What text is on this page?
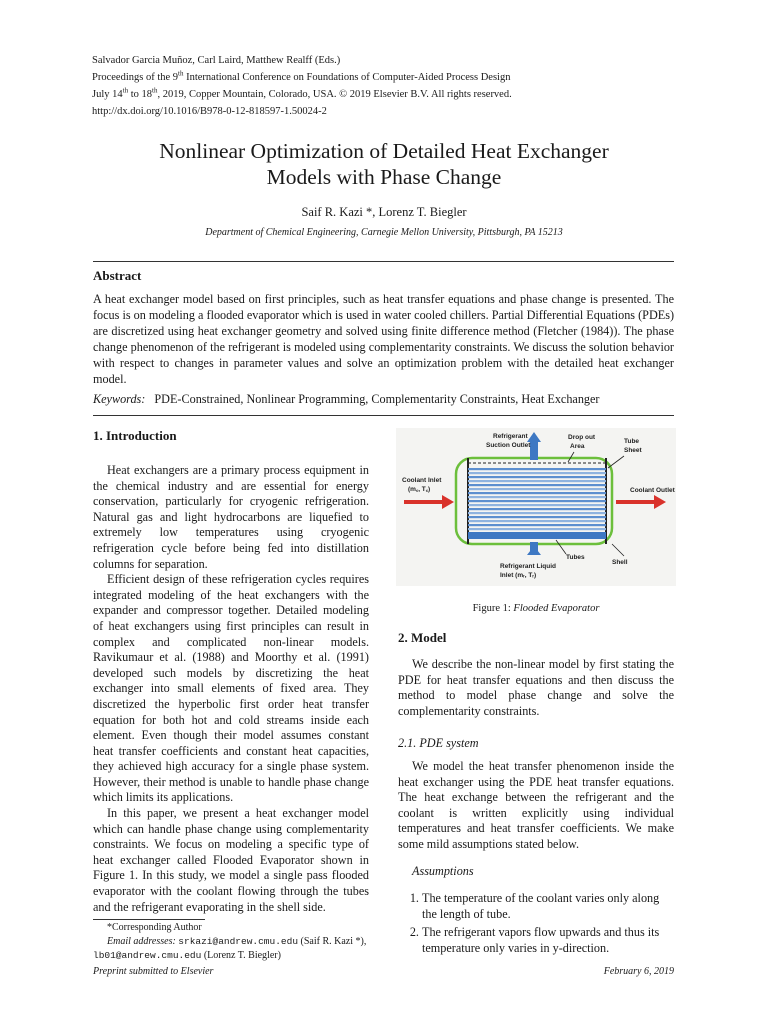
Salvador Garcia Muñoz, Carl Laird, Matthew Realff (Eds.)
Proceedings of the 9th International Conference on Foundations of Computer-Aided Process Design
July 14th to 18th, 2019, Copper Mountain, Colorado, USA. © 2019 Elsevier B.V. All rights reserved.
http://dx.doi.org/10.1016/B978-0-12-818597-1.50024-2
Nonlinear Optimization of Detailed Heat Exchanger
Models with Phase Change
Saif R. Kazi *, Lorenz T. Biegler
Department of Chemical Engineering, Carnegie Mellon University, Pittsburgh, PA 15213
Abstract
A heat exchanger model based on first principles, such as heat transfer equations and phase change is presented. The focus is on modeling a flooded evaporator which is used in water cooled chillers. Partial Differential Equations (PDEs) are discretized using heat exchanger geometry and solved using finite difference method (Fletcher (1984)). The phase change phenomenon of the refrigerant is modeled using complementarity constraints. We discuss the solution behavior with respect to changes in parameter values and solve an optimization problem with the detailed heat exchanger model.
Keywords: PDE-Constrained, Nonlinear Programming, Complementarity Constraints, Heat Exchanger
1. Introduction

Heat exchangers are a primary process equipment in the chemical industry and are essential for energy conservation, particularly for cryogenic refrigeration. Natural gas and light hydrocarbons are liquefied to extremely low temperatures using cryogenic refrigeration cycle before being fed into distillation columns for separation.

Efficient design of these refrigeration cycles requires integrated modeling of the heat exchangers with the expander and compressor together. Detailed modeling of heat exchangers using first principles can result in complex and complicated non-linear models. Ravikumaur et al. (1988) and Moorthy et al. (1991) developed such models by discretizing the heat exchanger into small elements of fixed area. They discretized the hyperbolic first order heat transfer equation for both hot and cold streams inside each element. Even though their model assumes constant heat transfer coefficients and constant heat capacities, they achieved high accuracy for a single phase system. However, their method is unable to handle phase change which limits its applications.

In this paper, we present a heat exchanger model which can handle phase change using complementarity constraints. We focus on modeling a specific type of heat exchanger called Flooded Evaporator shown in Figure 1. In this study, we model a single pass flooded evaporator with the coolant flowing through the tubes and the refrigerant evaporating in the shell side.

*Corresponding Author
Email addresses: srkazi@andrew.cmu.edu (Saif R. Kazi *),
lb01@andrew.cmu.edu (Lorenz T. Biegler)
Preprint submitted to Elsevier	February 6, 2019
Refrigerant
Suction Outlet
Drop out
Area
Tube
Sheet
Coolant Inlet
(m꜀, T꜀)	Coolant Outlet
Tubes
Shell
Refrigerant Liquid
Inlet (mᵣ, Tᵣ)
Figure 1: Flooded Evaporator
2. Model

We describe the non-linear model by first stating the PDE for heat transfer equations and then discuss the method to model phase change and solve the complementarity constraints.

2.1. PDE system

We model the heat transfer phenomenon inside the heat exchanger using the PDE heat transfer equations. The heat exchange between the refrigerant and the coolant is written explicitly using individual temperatures and heat transfer coefficients. We make some mild assumptions stated below.

Assumptions
1. The temperature of the coolant varies only along the length of tube.
2. The refrigerant vapors flow upwards and thus its temperature only varies in y-direction.
